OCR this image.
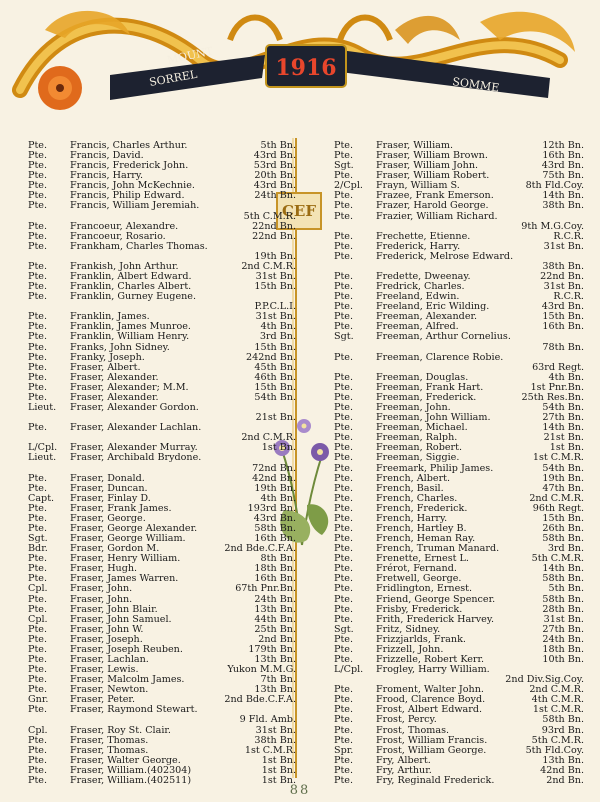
MOUNT
SORREL	1916
SOMME
CEF
Pte.	Francis, Charles Arthur.	5th Bn.
Pte.	Francis, David.	43rd Bn.
Pte.	Francis, Frederick John.	53rd Bn.
Pte.	Francis, Harry.	20th Bn.
Pte.	Francis, John McKechnie.	43rd Bn.
Pte.	Francis, Philip Edward.	24th Bn.
Pte.	Francis, William Jeremiah.
5th C.M.R.
Pte.	Francoeur, Alexandre.	22nd Bn.
Pte.	Francoeur, Rosario.	22nd Bn.
Pte.	Frankham, Charles Thomas.
19th Bn.
Pte.	Frankish, John Arthur.	2nd C.M.R.
Pte.	Franklin, Albert Edward.	31st Bn.
Pte.	Franklin, Charles Albert.	15th Bn.
Pte.	Franklin, Gurney Eugene.
P.P.C.L.I.
Pte.	Franklin, James.	31st Bn.
Pte.	Franklin, James Munroe.	4th Bn.
Pte.	Franklin, William Henry.	3rd Bn.
Pte.	Franks, John Sidney.	15th Bn.
Pte.	Franky, Joseph.	242nd Bn.
Pte.	Fraser, Albert.	45th Bn.
Pte.	Fraser, Alexander.	46th Bn.
Pte.	Fraser, Alexander; M.M.	15th Bn.
Pte.	Fraser, Alexander.	54th Bn.
Lieut.	Fraser, Alexander Gordon.
21st Bn.
Pte.	Fraser, Alexander Lachlan.
2nd C.M.R.
L/Cpl.	Fraser, Alexander Murray.	1st Bn.
Lieut.	Fraser, Archibald Brydone.
72nd Bn.
Pte.	Fraser, Donald.	42nd Bn.
Pte.	Fraser, Duncan.	19th Bn.
Capt.	Fraser, Finlay D.	4th Bn.
Pte.	Fraser, Frank James.	193rd Bn.
Pte.	Fraser, George.	43rd Bn.
Pte.	Fraser, George Alexander.	58th Bn.
Sgt.	Fraser, George William.	16th Bn.
Bdr.	Fraser, Gordon M.	2nd Bde.C.F.A.
Pte.	Fraser, Henry William.	8th Bn.
Pte.	Fraser, Hugh.	18th Bn.
Pte.	Fraser, James Warren.	16th Bn.
Cpl.	Fraser, John.	67th Pnr.Bn.
Pte.	Fraser, John.	24th Bn.
Pte.	Fraser, John Blair.	13th Bn.
Cpl.	Fraser, John Samuel.	44th Bn.
Pte.	Fraser, John W.	25th Bn.
Pte.	Fraser, Joseph.	2nd Bn.
Pte.	Fraser, Joseph Reuben.	179th Bn.
Pte.	Fraser, Lachlan.	13th Bn.
Pte.	Fraser, Lewis.	Yukon M.M.G.
Pte.	Fraser, Malcolm James.	7th Bn.
Pte.	Fraser, Newton.	13th Bn.
Gnr.	Fraser, Peter.	2nd Bde.C.F.A.
Pte.	Fraser, Raymond Stewart.
9 Fld. Amb.
Cpl.	Fraser, Roy St. Clair.	31st Bn.
Pte.	Fraser, Thomas.	38th Bn.
Pte.	Fraser, Thomas.	1st C.M.R.
Pte.	Fraser, Walter George.	1st Bn.
Pte.	Fraser, William.(402304)	1st Bn.
Pte.	Fraser, William.(402511)	1st Bn.
Pte.	Fraser, William.	12th Bn.
Pte.	Fraser, William Brown.	16th Bn.
Sgt.	Fraser, William John.	43rd Bn.
Pte.	Fraser, William Robert.	75th Bn.
2/Cpl.	Frayn, William S.	8th Fld.Coy.
Pte.	Frazee, Frank Emerson.	14th Bn.
Pte.	Frazer, Harold George.	38th Bn.
Pte.	Frazier, William Richard.
9th M.G.Coy.
Pte.	Frechette, Etienne.	R.C.R.
Pte.	Frederick, Harry.	31st Bn.
Pte.	Frederick, Melrose Edward.
38th Bn.
Pte.	Fredette, Dweenay.	22nd Bn.
Pte.	Fredrick, Charles.	31st Bn.
Pte.	Freeland, Edwin.	R.C.R.
Pte.	Freeland, Eric Wilding.	43rd Bn.
Pte.	Freeman, Alexander.	15th Bn.
Pte.	Freeman, Alfred.	16th Bn.
Sgt.	Freeman, Arthur Cornelius.
78th Bn.
Pte.	Freeman, Clarence Robie.
63rd Regt.
Pte.	Freeman, Douglas.	4th Bn.
Pte.	Freeman, Frank Hart.	1st Pnr.Bn.
Pte.	Freeman, Frederick.	25th Res.Bn.
Pte.	Freeman, John.	54th Bn.
Pte.	Freeman, John William.	27th Bn.
Pte.	Freeman, Michael.	14th Bn.
Pte.	Freeman, Ralph.	21st Bn.
Pte.	Freeman, Robert.	1st Bn.
Pte.	Freeman, Siggie.	1st C.M.R.
Pte.	Freemark, Philip James.	54th Bn.
Pte.	French, Albert.	19th Bn.
Pte.	French, Basil.	47th Bn.
Pte.	French, Charles.	2nd C.M.R.
Pte.	French, Frederick.	96th Regt.
Pte.	French, Harry.	15th Bn.
Pte.	French, Hartley B.	26th Bn.
Pte.	French, Heman Ray.	58th Bn.
Pte.	French, Truman Manard.	3rd Bn.
Pte.	Frenette, Ernest L.	5th C.M.R.
Pte.	Frérot, Fernand.	14th Bn.
Pte.	Fretwell, George.	58th Bn.
Pte.	Fridlington, Ernest.	5th Bn.
Pte.	Friend, George Spencer.	58th Bn.
Pte.	Frisby, Frederick.	28th Bn.
Pte.	Frith, Frederick Harvey.	31st Bn.
Sgt.	Fritz, Sidney.	27th Bn.
Pte.	Frizzjarlds, Frank.	24th Bn.
Pte.	Frizzell, John.	18th Bn.
Pte.	Frizzelle, Robert Kerr.	10th Bn.
L/Cpl.	Frogley, Harry William.
2nd Div.Sig.Coy.
Pte.	Froment, Walter John.	2nd C.M.R.
Pte.	Frood, Clarence Boyd.	4th C.M.R.
Pte.	Frost, Albert Edward.	1st C.M.R.
Pte.	Frost, Percy.	58th Bn.
Pte.	Frost, Thomas.	93rd Bn.
Pte.	Frost, William Francis.	5th C.M.R.
Spr.	Frost, William George.	5th Fld.Coy.
Pte.	Fry, Albert.	13th Bn.
Pte.	Fry, Arthur.	42nd Bn.
Pte.	Fry, Reginald Frederick.	2nd Bn.
88
